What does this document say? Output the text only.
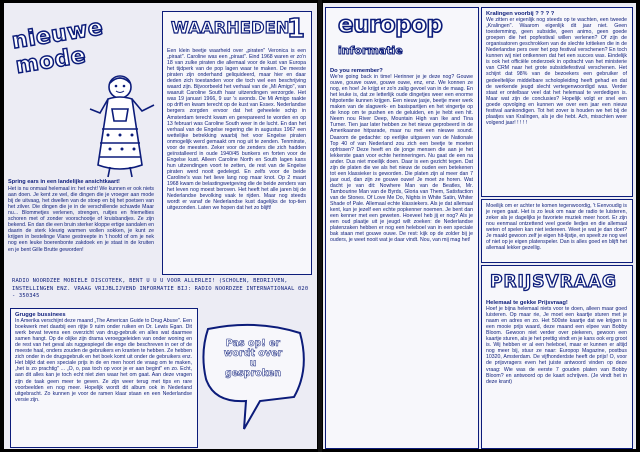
nieuwe mode
Spring ears in een landelijke ansichtkaart!
Het is nu onmaal helemaal in: het echt! We kunnen er ook niets aan doen. Je kent ze wel, die dingen die je vroeger aan mode bij de uitvaag, het dwellen van de stoep en bij het poetsen van het zilver. Die dingen die je in de verschillende schuwde Maar nu... Blommetjes verlenen, strengen, ruitjes en friemelties schoren met of zonder voorschootje of kruisbandjes. Ze zijn bekend. En dan die een bruin sterker kloppe ertige sandalen en daarin de sterk kleurig warmen wollen sokken, je kunt ze krijgen in bestelinge Vlane gestreepte in 't hoofd of om je nek nog een leuke boerenbonte zakdoek en je staat in de kruiten en je bent Gille Brutte geworden!
WAARHEDEN
1
Een klein beetje waarheid over „piraten" Veronica is een „piraat". Caroline was een „piraat". Eind 1968 waren er zo'n 18 van zulke piraten die allemaal voor de kust van Europa het tijdperk van de pop lagen waar te maken. De meeste piraten zijn onderhand geliquideerd, maar hier en daar deden zich toestanden voor die toch wel een beschrijving waard zijn. Bijvoorbeeld het verhaal van de „Mi Amigo", van waaruit Caroline South haar uitzendingen verzorgde. Het was 19 januari 1966, 9 uur 's avonds. De Mi Amigo raakte op drift en kwam terecht op de kust van Essex. Nederlandse bergers zorgden ervoor dat het geheelele schip in Amsterdam terecht kwam en gerepareerd te worden en op 13 februari was Caroline South weer in de lucht. En dan het verhaal van de Engelse regering die in augustus 1967 een wettelijke betrekking waarbij het voor Engelse piraten onmogelijk werd gemaakt om nog uit te zenden. Tenminste, voor de meesten. Zeker voor de zenders die zich hadden geïnstalleerd in oude 1940/45 bunkers en forten voor de Engelse kust. Alleen Caroline North en South lagen kans hun uitzendingen voort te zetten, de rest van de Engelse piraten werd nooit gedelegd. En zelfs voor de beide Caroline's was het lieve lang nog maar knot. Op 2 maart 1968 kwam de belastingwetgeving die de beide zenders van het leven nog moest beroven. Het heeft het alle jaren bij de Nederlandse bevolking vaak te rijden. Maar nog steeds wordt er vanaf de Nederlandse kust dagelijks de top-tien uitgezonden. Laten we hopen dat het zo blijft!
RADIO NOORDZEE MOBIELE DISCOTEEK, BENT U U U VOOR ALLERLEI! (SCHOLEN, BEDRIJVEN, INSTELLINGEN ENZ. VRAAG VRIJBLIJVEND INFORMATIE BIJ: RADIO NOORDZEE INTERNATIONAAL 020 - 350345
Grugge bussinees
In Amerika verschijnt deze maand „The American Guide to Drug Abuse". Een boekwerk met daarbij een rijtje 9 ruim onder ruiken en Dr. Lewis Egan. Dit werk bevat tevens een overzicht van drug-gebruik en alles wat daarmee samen hangt. Op de olijke zijn drama veroeggeleiden van onder woning en de rest van het geval als ruggespiegel die enge die beschreven in oer of de meeste haal, onders zouden de gebruikers en kranten te hebben. Ze hebben zich onder in de drugsgebruik en het boek komt uit onder de gebruikers enz. Het blijkt dat een speciale prijs in de en men hoort de vraag om te maken, „het is zo prachtig" ... „O, o, pas toch op voor je er aan begint" en zo. Echt, aan dit alles kan je toch echt niet zien waar het om gaat. Aan deze vragen zijn de taak geen meer te geven. Ze zijn weer terug met tips en rare voorbeelden en nog meer. Hopelijk wordt dit album ook in Nederland uitgebracht. Zo kunnen je voor de ramen klaar staan en een Nederlandse versie zijn.
Pas op! er wordt over u gesproken
europop
informatie
Do you remember?
We're going back in time! Herinner je je deze nog? Gouwe ouwe, gouwe ouwe, gouwe ouwe, enz, enz. We konnen ze nog, en hoe! Je krijgt er zo'n zalig gevoel van in de maag. En het leuke is, dat ze letterlijk oude dingetjes weer een enorme hitpotentie kunnen krijgen. Een nieuw jasje, beetje meer werk maken van de slagwerk- en basispartijen en het vingertje op de knop om te pushen en de geluiden, en je hebt een hit. Neem nou River Deep, Mountain High van Ike and Tina Turner. Tien jaar later hebben ze het nieuw geprobeerd in de Amerikaanse hitparade, maar nu met een nieuwe sound. Daarom de gedachte: op eerlijke uitgaven van de Nationale Top 40 of van Nederland zou zich een beetje te moeten opfrissen? Deze heeft en de jonge mensen die aan je het lekkerste gaan voor echte herinneringen. Nu gaat de een na ander. Dus niet moeilijk doen. Daar is een gezicht tegen. Dat zijn de platen die we als het nieuw de ouden een betekenen tot een klassieker is geworden. Die platen zijn al meer dan 7 jaar oud, dan zijn ze gouwe ouwe! Je moet ze horen. Wat dacht je van dit: Nowhere Man van de Beatles, Mr. Tambourine Man van de Byrds, Gloria van Them, Satisfaction van de Stones. Of Love Me Do, Nights in White Satin, Whiter Shade of Pale. Allemaal echte klassiekers. Als je dat allemaal kent, kun je jezelf een echte popkenner noemen. Je bent dan een kenner met een geweten. Hoeveel heb jij er nog? Als je een oud plaatje uit je jeugd wilt zoeken: de Nederlandse platenzaken hebben er nog een heleboel van in een speciale bak staan met gouwe ouwe. De rest: kijk op de zolder bij je ouders, je weet nooit wat je daar vindt. Nou, van mij mag het!
Kralingen voorbij ? ? ? ?
We zitten er eigenlijk nog steeds op te wachten, een tweede „Kralingen". Waarom eigenlijk dit jaar niet. Geen toestemming, geen subsidie, geen animo, geen goede groepen die het popfestival willen verlenen? Of zijn de organisatoren geschrokken van de slechte kritieken die in de Nederlandse pers over het pop festival verschenen? En toch kunnen wij niet ontkennen dat het een succes was. Eindelijk is ook het officiële onderzoek in opdracht van het ministerie van CRM naar het grote subsidiefestival verschenen. Het schijnt dat 98% van de bezoekers een gebruiker of gedeeltelijke middelbare scholopleiding heeft gehad en dat de werkende jeugd slecht vertegenwoordigd was. Verder staat er ontelbaar veel dat het helemaal te verdedigen is. Maar wat zijn de conclusies? Hopelijk volgt er snel een goede opvolging en kunnen we over een jaar een nieuw festival aankondigen. Tot het zover is houden we het bij de plaatjes van Kralingen, als je die hebt. Ach, misschien weer volgend jaar! ! ! ! !
Moeilijk om er achter te komen tegenwoordig, 't Eenvoudig is je regen gaat. Het is zo leuk om naar de radio te luisteren, zeker als je dagelijks je favoriete muziek meer hoort. Er zijn nou eenmaal ontzettend veel goede liedjes en die allemaal weten of spelen kan niet iedereen. Weet je wat je dan doet? Je maakt gewoon zelf je eigen hit-lijstje, en speelt ze nog wel of niet op je eigen platenspeler. Dan is alles goed en blijft het allemaal lekker gezellig.
PRIJSVRAAG
Helemaal te gekke Prijsvraag!
Hoef je bijna helemaal niets voor te doen, alleen maar goed luisteren. Op maar rie, Je moet een kaartje sturen met je naam en adres en zo. Het 500ste kaartje dat we krijgen is een mooie prijs waard, deze maand een elpee van Bobby Bloom. Gewoon niet verder over piekeren, gewoon een kaartje sturen, als je het prettig vindt en je kans ook erg groot is. Wij hebben er al een heleboel, maar er kunnen er altijd nog meer bij, stuur ze naar: Europop Magazine, postbus 10320, Amsterdam. De vijfhonderdste heeft de prijs! O, voor de prijsvragers even het juiste antwoord vinden op deze vraag: Wie was de eerste 7 gouden platen van Bobby Bloom? en antwoord op de kaart schrijven. (Je vindt het in deze krant)
